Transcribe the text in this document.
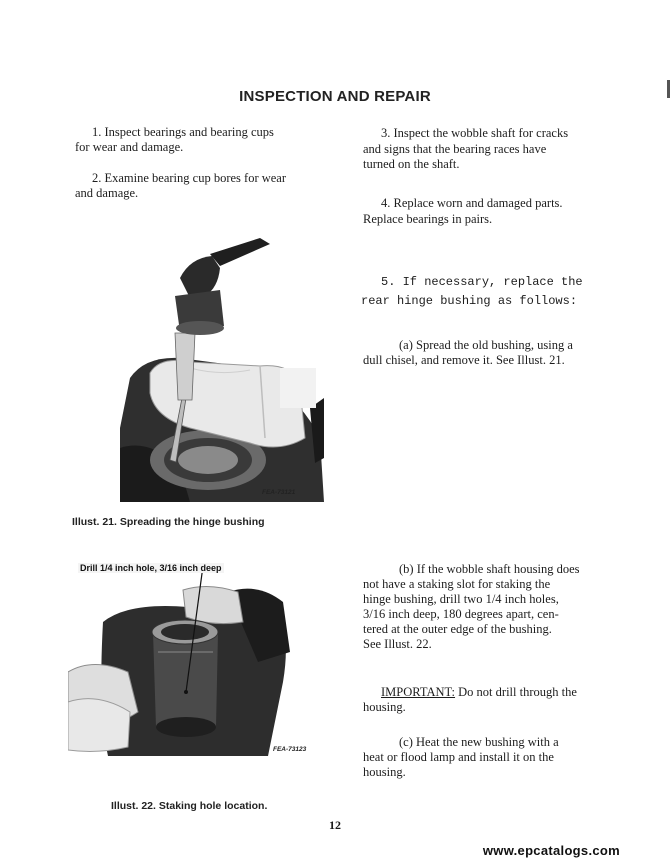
INSPECTION AND REPAIR
1. Inspect bearings and bearing cups
for wear and damage.
2. Examine bearing cup bores for wear
and damage.
3. Inspect the wobble shaft for cracks
and signs that the bearing races have
turned on the shaft.
4. Replace worn and damaged parts.
Replace bearings in pairs.
5. If necessary, replace the
rear hinge bushing as follows:
(a) Spread the old bushing, using a
dull chisel, and remove it. See Illust. 21.
(b) If the wobble shaft housing does
not have a staking slot for staking the
hinge bushing, drill two 1/4 inch holes,
3/16 inch deep, 180 degrees apart, cen-
tered at the outer edge of the bushing.
See Illust. 22.
IMPORTANT: Do not drill through the
housing.
(c) Heat the new bushing with a
heat or flood lamp and install it on the
housing.
FEA-73121
Illust. 21. Spreading the hinge bushing
Drill 1/4 inch hole, 3/16 inch deep
FEA-73123
Illust. 22. Staking hole location.
12
www.epcatalogs.com
